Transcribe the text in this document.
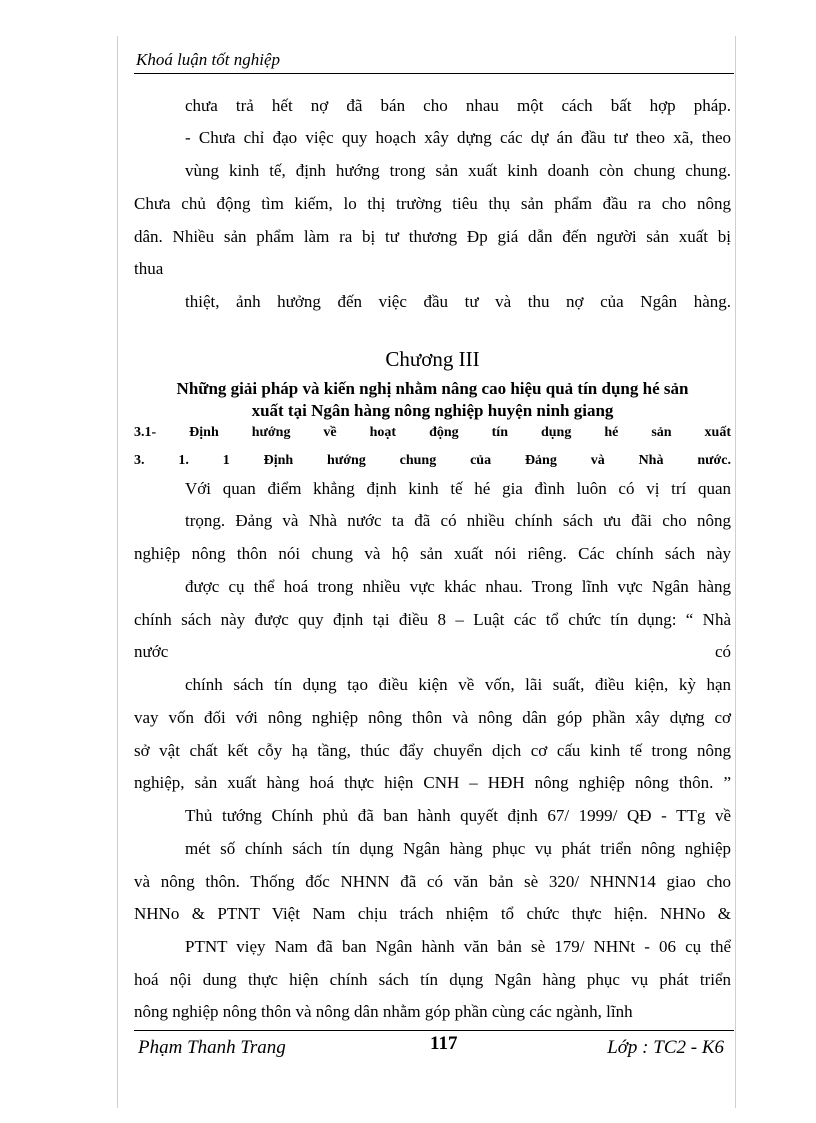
Khoá luận tốt nghiệp
chưa trả hết nợ đã bán cho nhau một cách bất hợp pháp.
- Chưa chỉ đạo việc quy hoạch xây dựng các dự án đầu tư theo xã, theo
vùng kinh tế, định hướng trong sản xuất kinh doanh còn chung chung.
Chưa chủ động tìm kiếm, lo thị trường tiêu thụ sản phẩm đầu ra cho nông
dân. Nhiều sản phẩm làm ra bị tư thương Đp giá dẫn đến người sản xuất bị
thua
thiệt, ảnh hưởng đến việc đầu tư và thu nợ của Ngân hàng.
Chương III
Những giải pháp và kiến nghị nhằm nâng cao hiệu quả tín dụng hé sản
xuất tại Ngân hàng nông nghiệp huyện ninh giang
3.1- Định hướng về hoạt động tín dụng hé sản xuất
3. 1. 1 Định hướng chung của Đảng và Nhà nước.
Với quan điểm khẳng định kinh tế hé gia đình luôn có vị trí quan
trọng. Đảng và Nhà nước ta đã có nhiều chính sách ưu đãi cho nông
nghiệp nông thôn nói chung và hộ sản xuất nói riêng. Các chính sách này
được cụ thể hoá trong nhiều vực khác nhau. Trong lĩnh vực Ngân hàng
chính sách này được quy định tại điều 8 – Luật các tổ chức tín dụng: “ Nhà
nước có
chính sách tín dụng tạo điều kiện về vốn, lãi suất, điều kiện, kỳ hạn
vay vốn đối với nông nghiệp nông thôn và nông dân góp phần xây dựng cơ
sở vật chất kết cỗy hạ tầng, thúc đẩy chuyển dịch cơ cấu kinh tế trong nông
nghiệp, sản xuất hàng hoá thực hiện CNH – HĐH nông nghiệp nông thôn. ”
Thủ tướng Chính phủ đã ban hành quyết định 67/ 1999/ QĐ - TTg về
mét số chính sách tín dụng Ngân hàng phục vụ phát triển nông nghiệp
và nông thôn. Thống đốc NHNN đã có văn bản sè 320/ NHNN14 giao cho
NHNo & PTNT Việt Nam chịu trách nhiệm tổ chức thực hiện. NHNo &
PTNT viẹy Nam đã ban Ngân hành văn bản sè 179/ NHNt - 06 cụ thể
hoá nội dung thực hiện chính sách tín dụng Ngân hàng phục vụ phát triển
nông nghiệp nông thôn và nông dân nhằm góp phần cùng các ngành, lĩnh
Phạm Thanh Trang	117	Lớp : TC2 - K6
